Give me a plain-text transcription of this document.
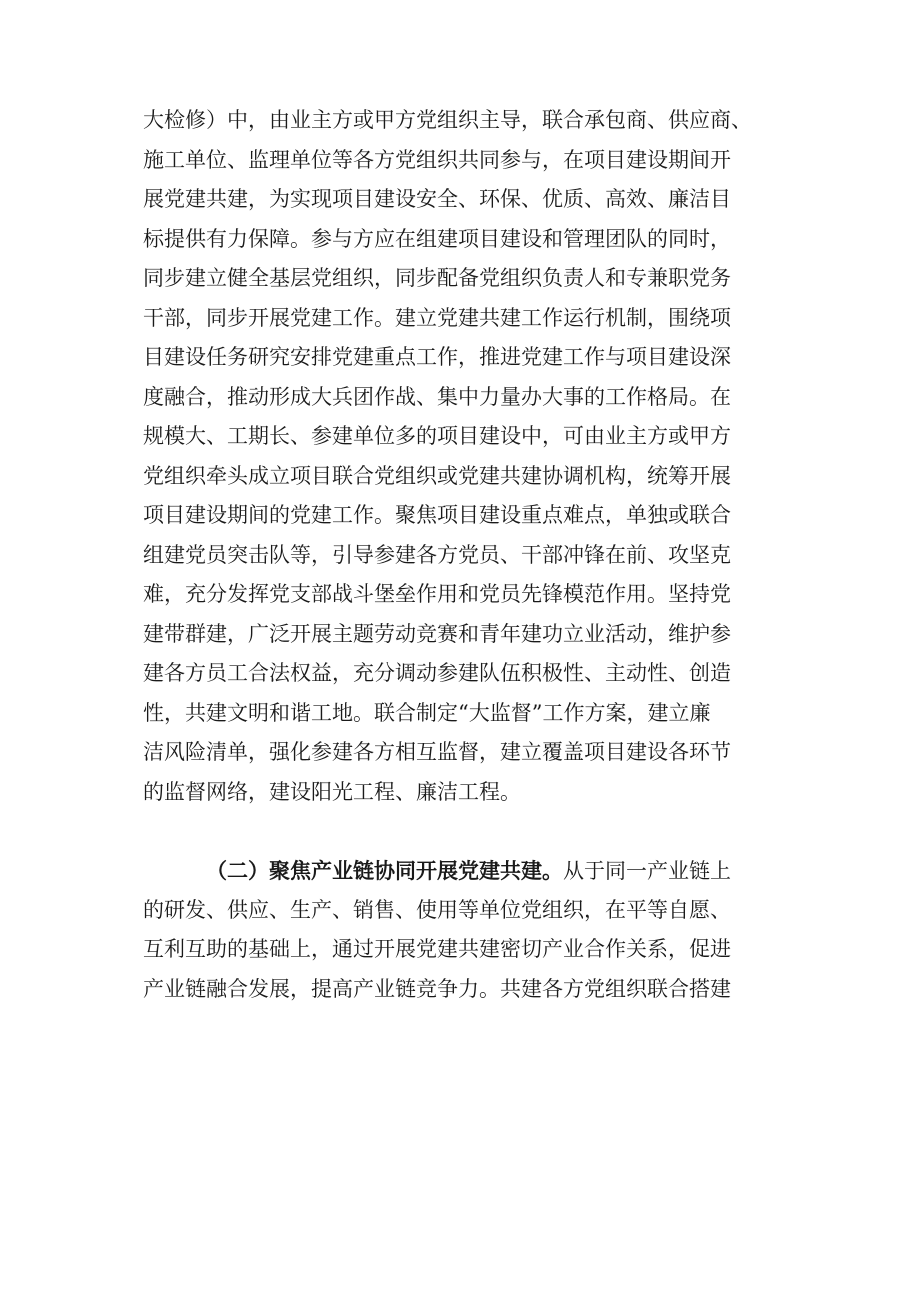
大检修）中，由业主方或甲方党组织主导，联合承包商、供应商、
施工单位、监理单位等各方党组织共同参与，在项目建设期间开
展党建共建，为实现项目建设安全、环保、优质、高效、廉洁目
标提供有力保障。参与方应在组建项目建设和管理团队的同时，
同步建立健全基层党组织，同步配备党组织负责人和专兼职党务
干部，同步开展党建工作。建立党建共建工作运行机制，围绕项
目建设任务研究安排党建重点工作，推进党建工作与项目建设深
度融合，推动形成大兵团作战、集中力量办大事的工作格局。在
规模大、工期长、参建单位多的项目建设中，可由业主方或甲方
党组织牵头成立项目联合党组织或党建共建协调机构，统筹开展
项目建设期间的党建工作。聚焦项目建设重点难点，单独或联合
组建党员突击队等，引导参建各方党员、干部冲锋在前、攻坚克
难，充分发挥党支部战斗堡垒作用和党员先锋模范作用。坚持党
建带群建，广泛开展主题劳动竞赛和青年建功立业活动，维护参
建各方员工合法权益，充分调动参建队伍积极性、主动性、创造
性，共建文明和谐工地。联合制定“大监督”工作方案，建立廉
洁风险清单，强化参建各方相互监督，建立覆盖项目建设各环节
的监督网络，建设阳光工程、廉洁工程。
（二）聚焦产业链协同开展党建共建。从于同一产业链上
的研发、供应、生产、销售、使用等单位党组织，在平等自愿、
互利互助的基础上，通过开展党建共建密切产业合作关系，促进
产业链融合发展，提高产业链竞争力。共建各方党组织联合搭建
